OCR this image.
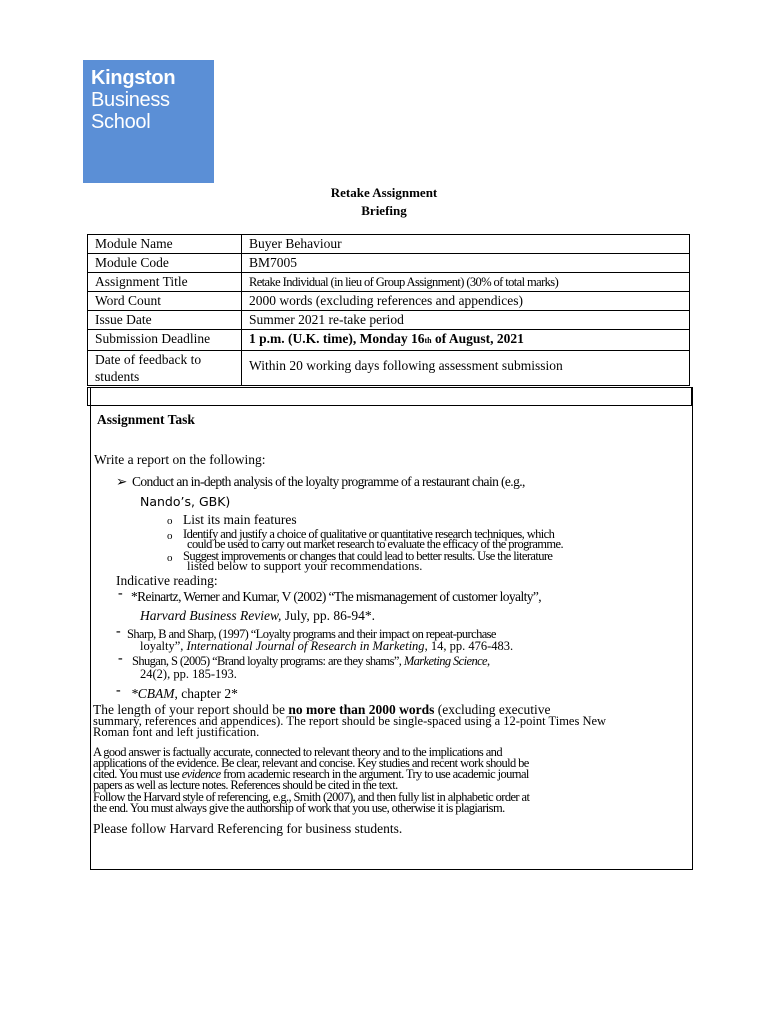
Kingston
Business
School
Retake Assignment
Briefing
Module Name	Buyer Behaviour
Module Code	BM7005
Assignment Title	Retake Individual (in lieu of Group Assignment) (30% of total marks)
Word Count	2000 words (excluding references and appendices)
Issue Date	Summer 2021 re-take period
Submission Deadline	1 p.m. (U.K. time), Monday 16th of August, 2021
Date of feedback to students	Within 20 working days following assessment submission
Assignment Task
Write a report on the following:
➢ Conduct an in-depth analysis of the loyalty programme of a restaurant chain (e.g.,
Nando’s, GBK)
o List its main features
o Identify and justify a choice of qualitative or quantitative research techniques, which
could be used to carry out market research to evaluate the efficacy of the programme.
o Suggest improvements or changes that could lead to better results. Use the literature
listed below to support your recommendations.
Indicative reading:
- *Reinartz, Werner and Kumar, V (2002) “The mismanagement of customer loyalty”,
Harvard Business Review, July, pp. 86-94*.
- Sharp, B and Sharp, (1997) “Loyalty programs and their impact on repeat-purchase
loyalty”, International Journal of Research in Marketing, 14, pp. 476-483.
- Shugan, S (2005) “Brand loyalty programs: are they shams”, Marketing Science,
24(2), pp. 185-193.
- *CBAM, chapter 2*
The length of your report should be no more than 2000 words (excluding executive
summary, references and appendices). The report should be single-spaced using a 12-point Times New
Roman font and left justification.
A good answer is factually accurate, connected to relevant theory and to the implications and
applications of the evidence. Be clear, relevant and concise. Key studies and recent work should be
cited. You must use evidence from academic research in the argument. Try to use academic journal
papers as well as lecture notes. References should be cited in the text.
Follow the Harvard style of referencing, e.g., Smith (2007), and then fully list in alphabetic order at
the end. You must always give the authorship of work that you use, otherwise it is plagiarism.
Please follow Harvard Referencing for business students.
